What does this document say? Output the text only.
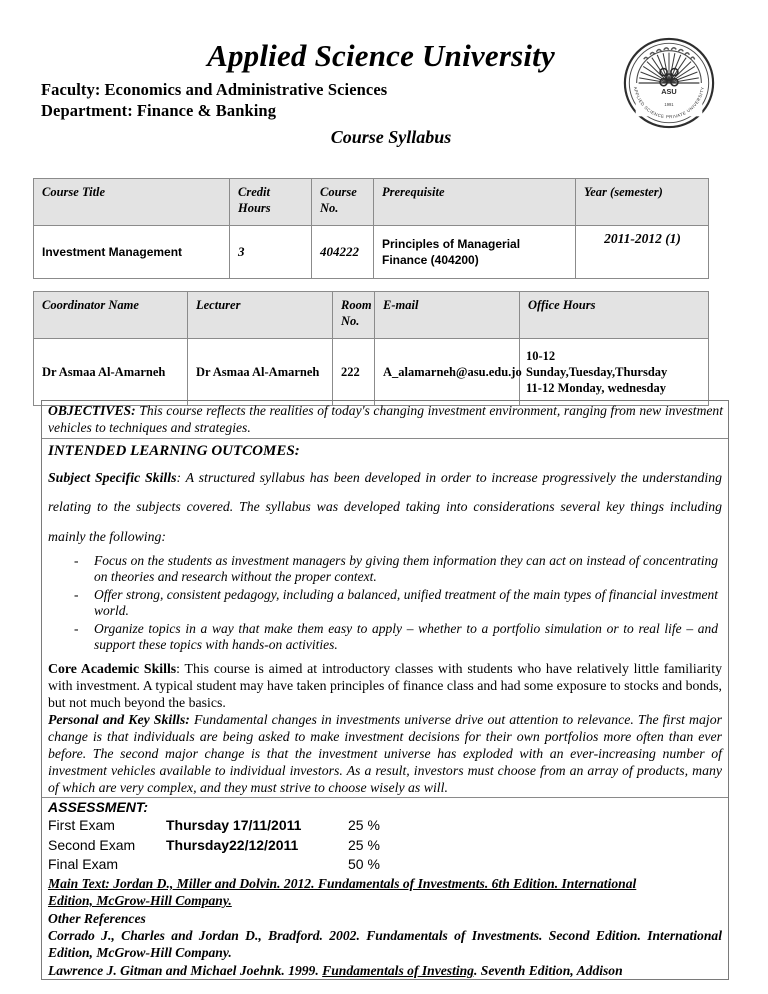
Applied Science University
Faculty: Economics and Administrative Sciences
Department: Finance & Banking
Course Syllabus
ASU
1991
APPLIED SCIENCE PRIVATE UNIVERSITY
Course Title	Credit Hours	Course No.	Prerequisite	Year (semester)
Investment Management	3	404222	Principles of Managerial Finance (404200)	2011-2012 (1)
Coordinator Name	Lecturer	Room No.	E-mail	Office Hours
Dr Asmaa Al-Amarneh	Dr Asmaa Al-Amarneh	222	A_alamarneh@asu.edu.jo	10-12
Sunday,Tuesday,Thursday
11-12 Monday, wednesday
OBJECTIVES: This course reflects the realities of today's changing investment environment, ranging from new investment vehicles to techniques and strategies.
INTENDED LEARNING OUTCOMES:
Subject Specific Skills: A structured syllabus has been developed in order to increase progressively the understanding relating to the subjects covered. The syllabus was developed taking into considerations several key things including mainly the following:
- Focus on the students as investment managers by giving them information they can act on instead of concentrating on theories and research without the proper context.
- Offer strong, consistent pedagogy, including a balanced, unified treatment of the main types of financial investment world.
- Organize topics in a way that make them easy to apply – whether to a portfolio simulation or to real life – and support these topics with hands-on activities.
Core Academic Skills: This course is aimed at introductory classes with students who have relatively little familiarity with investment. A typical student may have taken principles of finance class and had some exposure to stocks and bonds, but not much beyond the basics.
Personal and Key Skills: Fundamental changes in investments universe drive out attention to relevance. The first major change is that individuals are being asked to make investment decisions for their own portfolios more often than ever before. The second major change is that the investment universe has exploded with an ever-increasing number of investment vehicles available to individual investors. As a result, investors must choose from an array of products, many of which are very complex, and they must strive to choose wisely as will.
ASSESSMENT:
First Exam	Thursday 17/11/2011	25 %
Second Exam	Thursday22/12/2011	25 %
Final Exam		50 %
Main Text: Jordan D., Miller and Dolvin. 2012. Fundamentals of Investments. 6th Edition. International
Edition, McGrow-Hill Company.
Other References
Corrado J., Charles and Jordan D., Bradford. 2002. Fundamentals of Investments. Second Edition. International Edition, McGrow-Hill Company.
Lawrence J. Gitman and Michael Joehnk. 1999. Fundamentals of Investing. Seventh Edition, Addison
